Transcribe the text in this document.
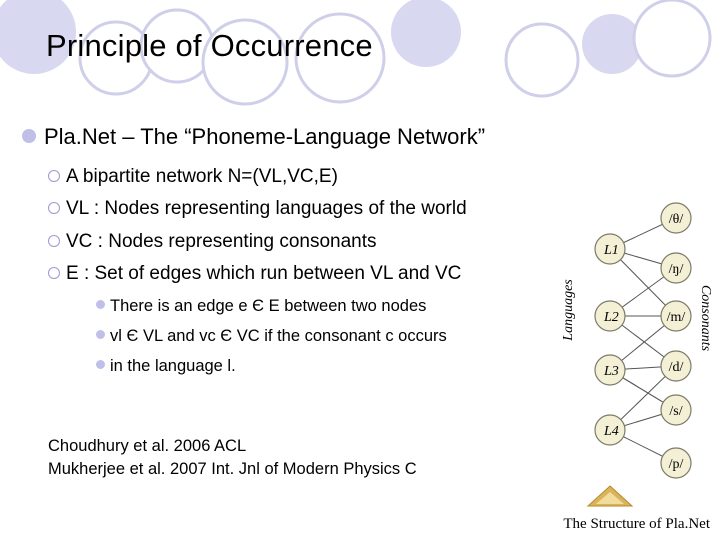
Principle of Occurrence
Pla.Net – The “Phoneme-Language Network”
A bipartite network N=(VL,VC,E)
VL : Nodes representing languages of the world
VC : Nodes representing consonants
E : Set of edges which run between VL and VC
There is an edge e Є E between two nodes
vl Є VL and vc Є VC if the consonant c occurs
in the language l.
Choudhury et al. 2006 ACL
Mukherjee et al. 2007 Int. Jnl of Modern Physics C
L1
L2
L3
L4
/θ/
/ŋ/
/m/
/d/
/s/
/p/
Languages	Consonants
The Structure of Pla.Net
